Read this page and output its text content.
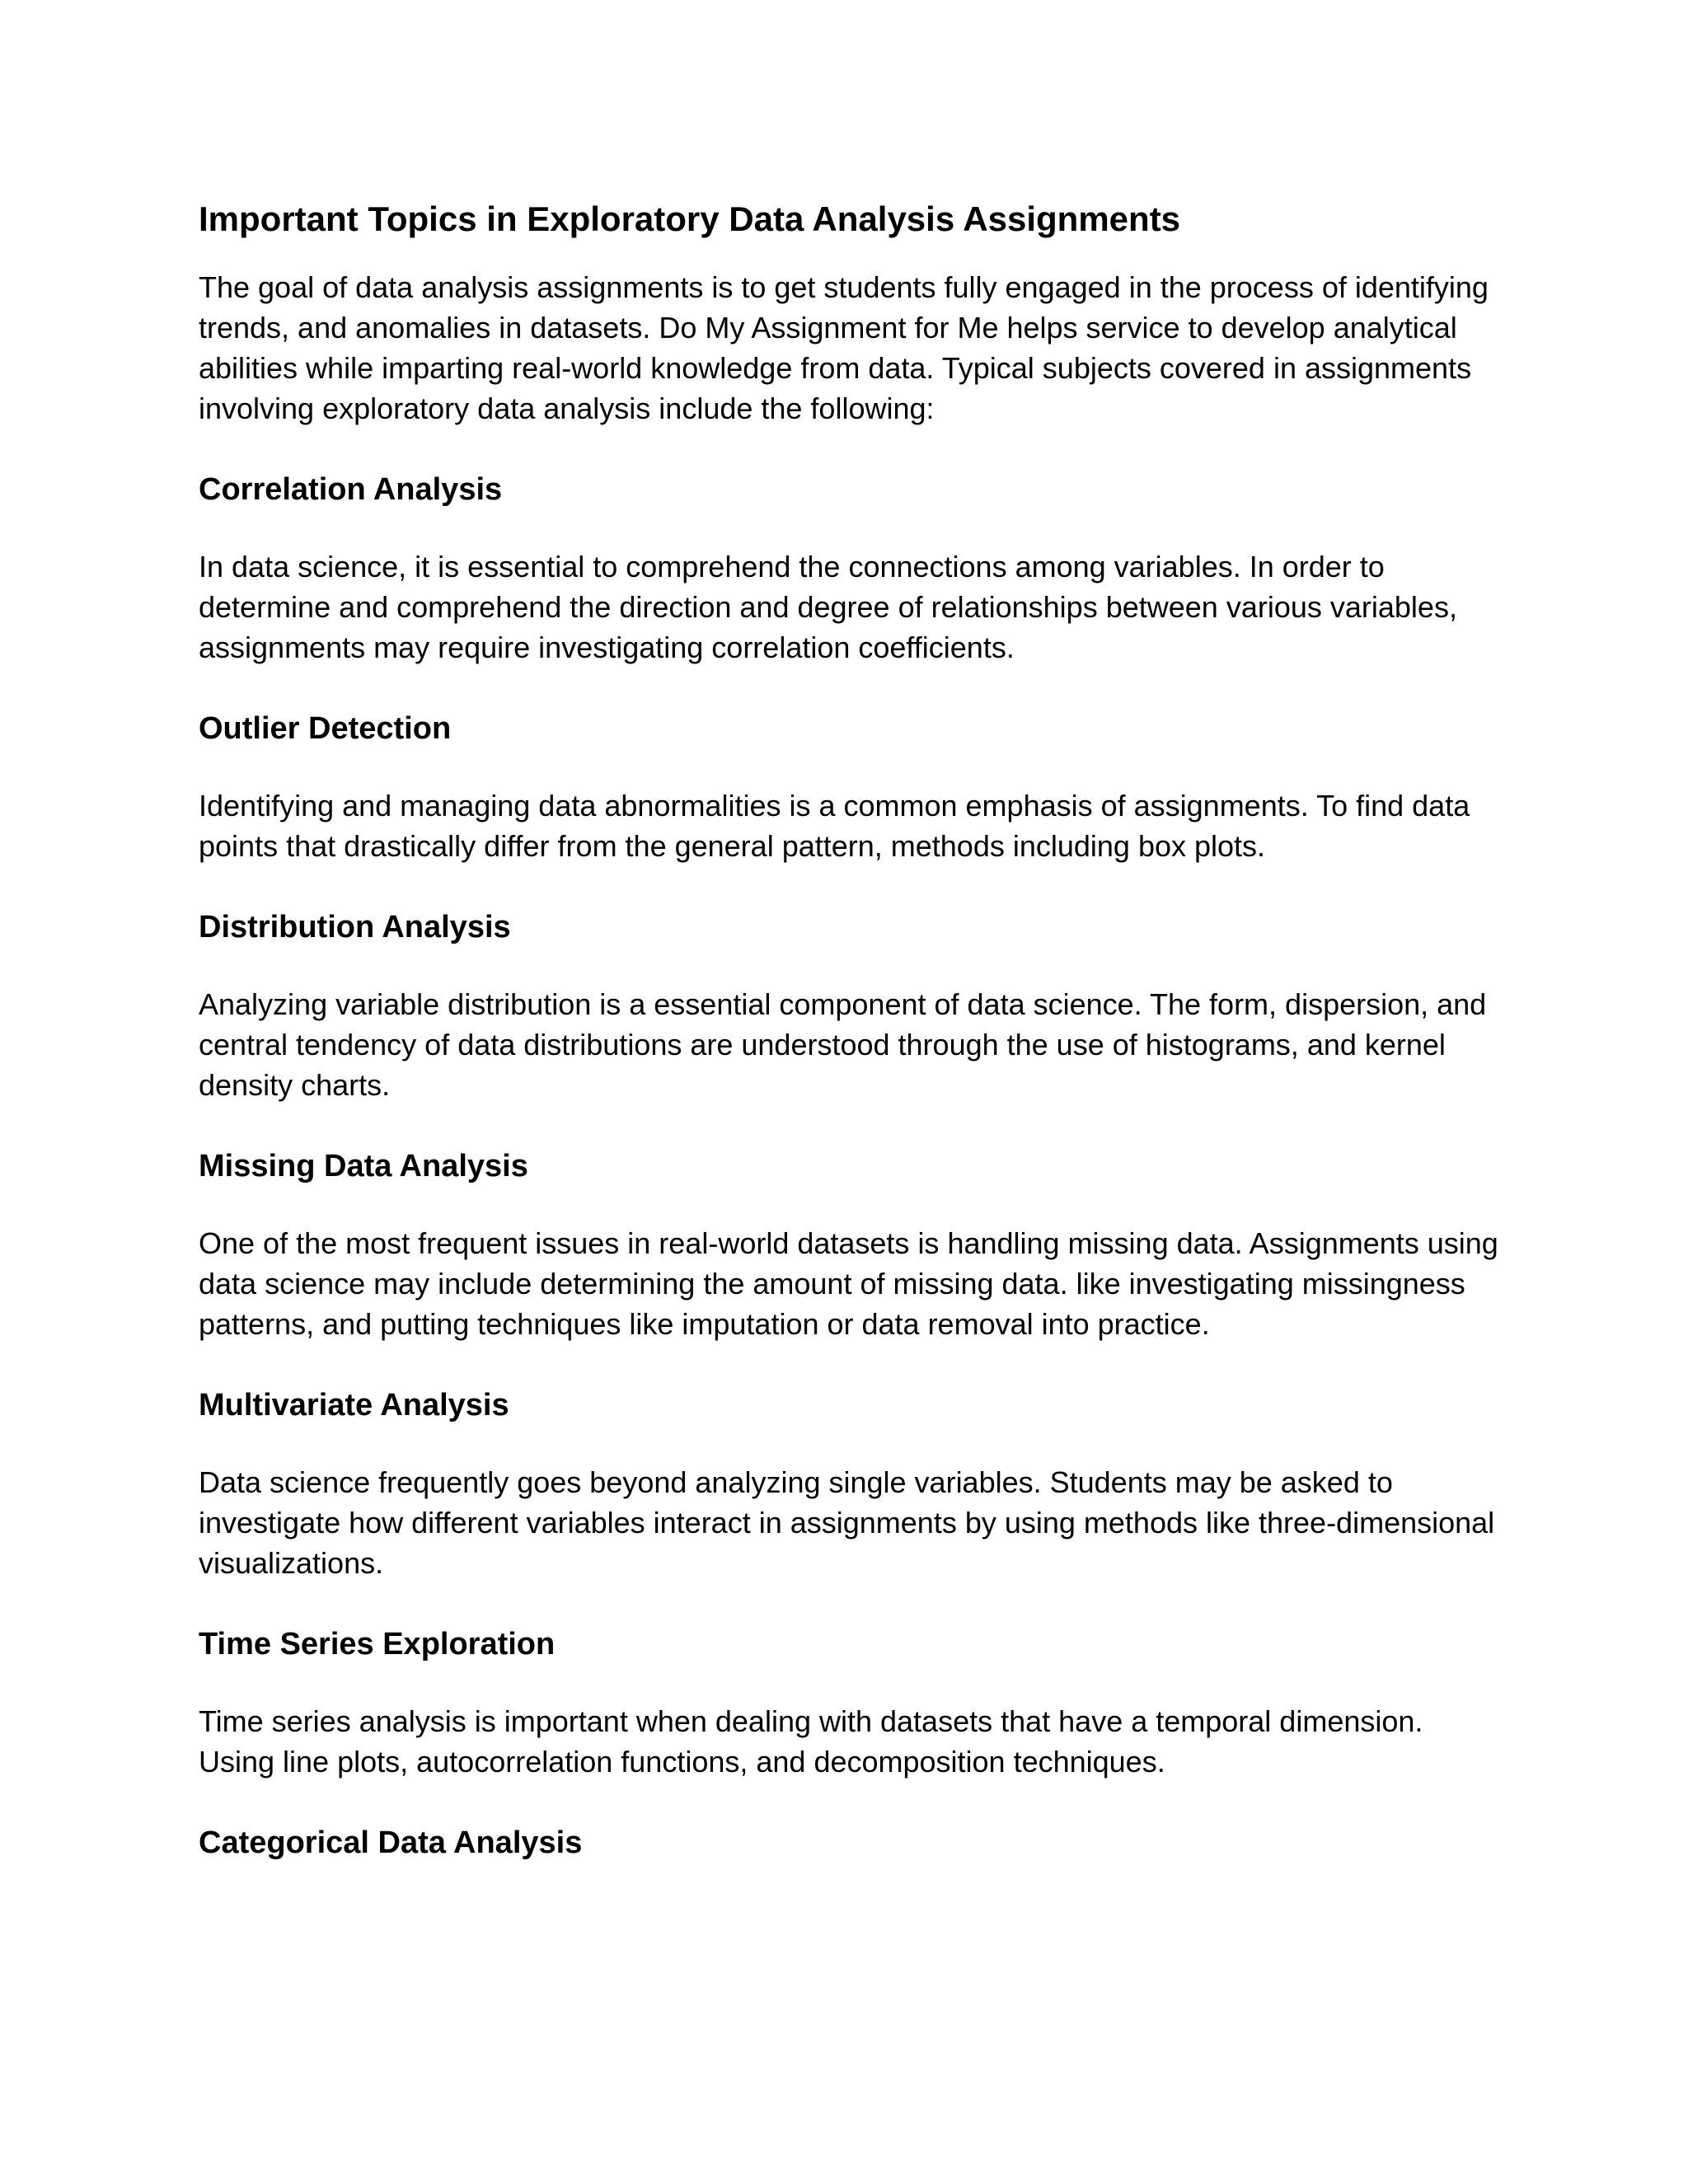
Important Topics in Exploratory Data Analysis Assignments

The goal of data analysis assignments is to get students fully engaged in the process of identifying trends, and anomalies in datasets. Do My Assignment for Me helps service to develop analytical abilities while imparting real-world knowledge from data. Typical subjects covered in assignments involving exploratory data analysis include the following:

Correlation Analysis

In data science, it is essential to comprehend the connections among variables. In order to determine and comprehend the direction and degree of relationships between various variables, assignments may require investigating correlation coefficients.

Outlier Detection

Identifying and managing data abnormalities is a common emphasis of assignments. To find data points that drastically differ from the general pattern, methods including box plots.

Distribution Analysis

Analyzing variable distribution is a essential component of data science. The form, dispersion, and central tendency of data distributions are understood through the use of histograms, and kernel density charts.

Missing Data Analysis

One of the most frequent issues in real-world datasets is handling missing data. Assignments using data science may include determining the amount of missing data. like investigating missingness patterns, and putting techniques like imputation or data removal into practice.

Multivariate Analysis

Data science frequently goes beyond analyzing single variables. Students may be asked to investigate how different variables interact in assignments by using methods like three-dimensional visualizations.

Time Series Exploration

Time series analysis is important when dealing with datasets that have a temporal dimension. Using line plots, autocorrelation functions, and decomposition techniques.

Categorical Data Analysis
